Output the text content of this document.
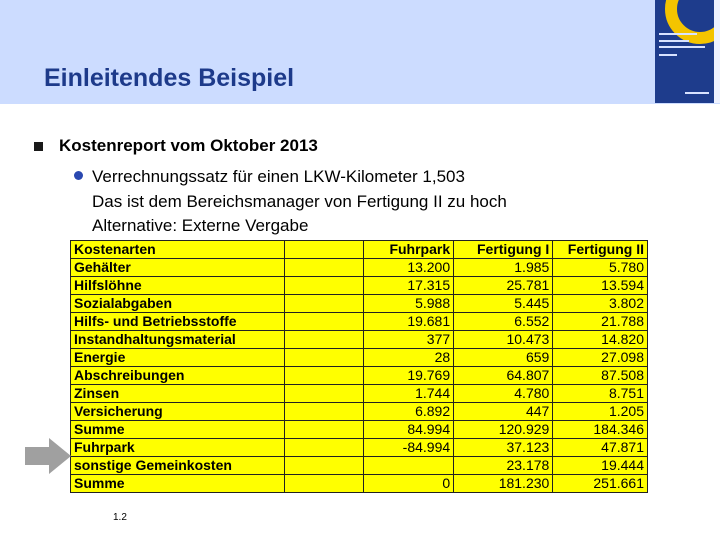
Einleitendes Beispiel
Kostenreport vom Oktober 2013
Verrechnungssatz für einen LKW-Kilometer 1,503
Das ist dem Bereichsmanager von Fertigung II zu hoch
Alternative: Externe Vergabe
Kostenarten		Fuhrpark	Fertigung I	Fertigung II
Gehälter		13.200	1.985	5.780
Hilfslöhne		17.315	25.781	13.594
Sozialabgaben		5.988	5.445	3.802
Hilfs- und Betriebsstoffe		19.681	6.552	21.788
Instandhaltungsmaterial		377	10.473	14.820
Energie		28	659	27.098
Abschreibungen		19.769	64.807	87.508
Zinsen		1.744	4.780	8.751
Versicherung		6.892	447	1.205
Summe		84.994	120.929	184.346
Fuhrpark		-84.994	37.123	47.871
sonstige Gemeinkosten			23.178	19.444
Summe		0	181.230	251.661
1.2
